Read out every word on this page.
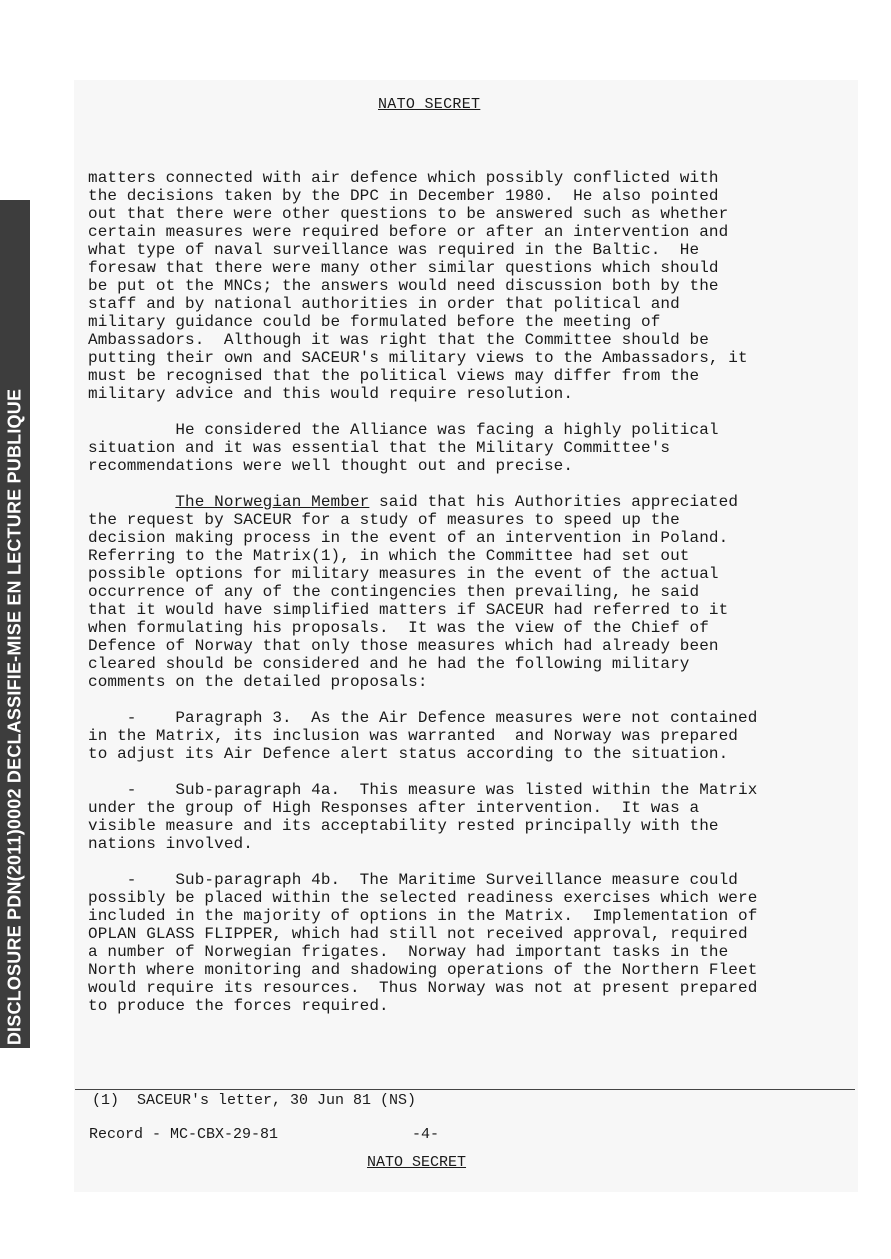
DECLASSIFIED-PUBLIC DISCLOSURE PDN(2011)0002 DECLASSIFIE-MISE EN LECTURE PUBLIQUE
NATO SECRET
matters connected with air defence which possibly conflicted with
the decisions taken by the DPC in December 1980.  He also pointed
out that there were other questions to be answered such as whether
certain measures were required before or after an intervention and
what type of naval surveillance was required in the Baltic.  He
foresaw that there were many other similar questions which should
be put ot the MNCs; the answers would need discussion both by the
staff and by national authorities in order that political and
military guidance could be formulated before the meeting of
Ambassadors.  Although it was right that the Committee should be
putting their own and SACEUR's military views to the Ambassadors, it
must be recognised that the political views may differ from the
military advice and this would require resolution.
He considered the Alliance was facing a highly political
situation and it was essential that the Military Committee's
recommendations were well thought out and precise.
The Norwegian Member said that his Authorities appreciated
the request by SACEUR for a study of measures to speed up the
decision making process in the event of an intervention in Poland.
Referring to the Matrix(1), in which the Committee had set out
possible options for military measures in the event of the actual
occurrence of any of the contingencies then prevailing, he said
that it would have simplified matters if SACEUR had referred to it
when formulating his proposals.  It was the view of the Chief of
Defence of Norway that only those measures which had already been
cleared should be considered and he had the following military
comments on the detailed proposals:
-    Paragraph 3.  As the Air Defence measures were not contained
in the Matrix, its inclusion was warranted  and Norway was prepared
to adjust its Air Defence alert status according to the situation.
-    Sub-paragraph 4a.  This measure was listed within the Matrix
under the group of High Responses after intervention.  It was a
visible measure and its acceptability rested principally with the
nations involved.
-    Sub-paragraph 4b.  The Maritime Surveillance measure could
possibly be placed within the selected readiness exercises which were
included in the majority of options in the Matrix.  Implementation of
OPLAN GLASS FLIPPER, which had still not received approval, required
a number of Norwegian frigates.  Norway had important tasks in the
North where monitoring and shadowing operations of the Northern Fleet
would require its resources.  Thus Norway was not at present prepared
to produce the forces required.
(1)  SACEUR's letter, 30 Jun 81 (NS)
Record - MC-CBX-29-81	-4-
NATO SECRET
